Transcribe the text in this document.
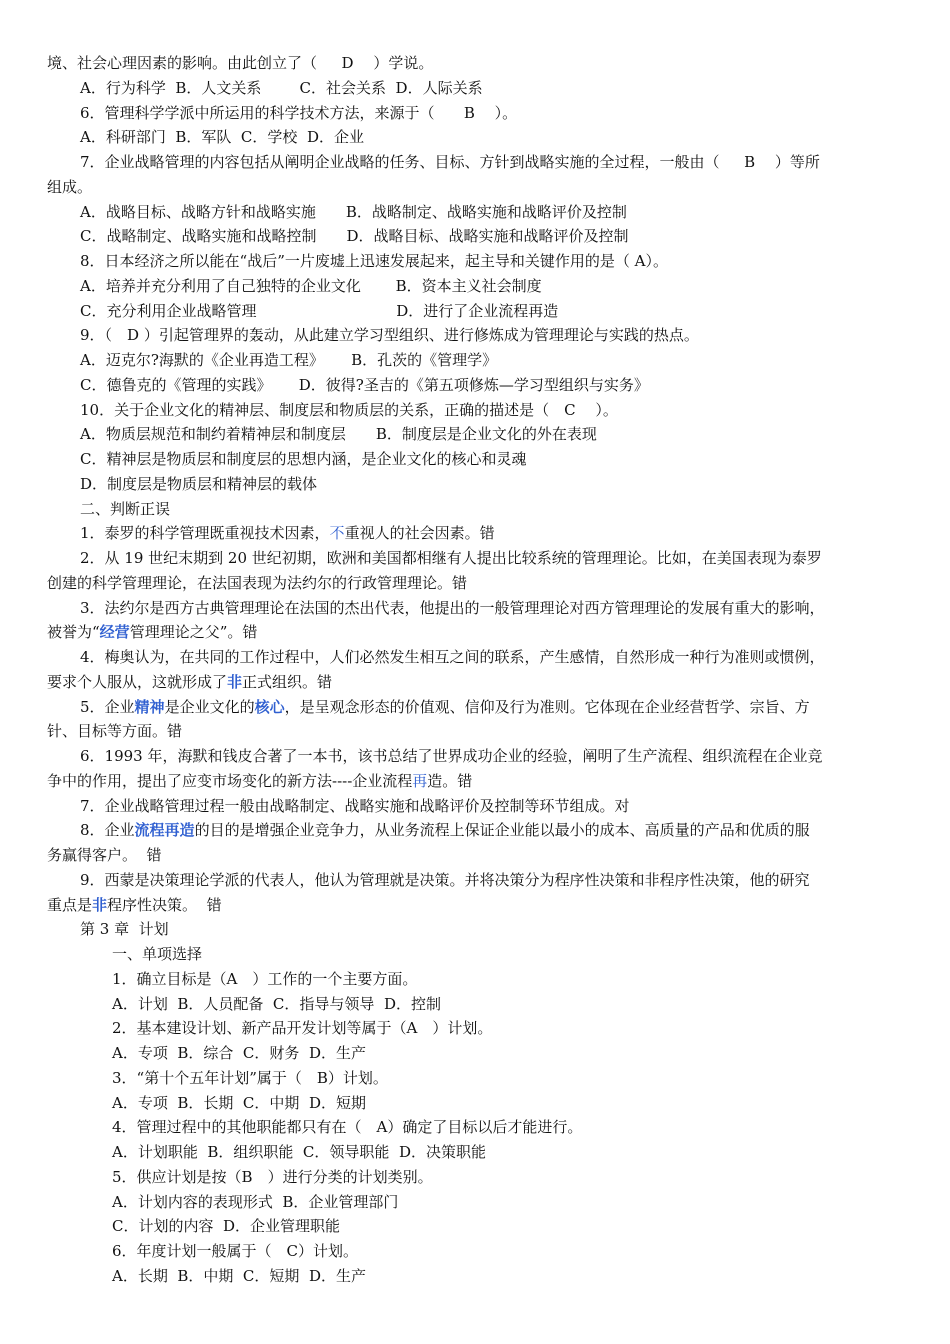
境、社会心理因素的影响。由此创立了（　  D　 ）学说。
A．行为科学  B．人文关系        C．社会关系  D．人际关系
6．管理科学学派中所运用的科学技术方法，来源于（　   B　 ）。
A．科研部门  B．军队  C．学校  D．企业
7．企业战略管理的内容包括从阐明企业战略的任务、目标、方针到战略实施的全过程，一般由（　  B　 ）等所
组成。
A．战略目标、战略方针和战略实施　　B．战略制定、战略实施和战略评价及控制
C．战略制定、战略实施和战略控制　　D．战略目标、战略实施和战略评价及控制
8．日本经济之所以能在“战后”一片废墟上迅速发展起来，起主导和关键作用的是（ A）。
A．培养并充分利用了自己独特的企业文化　　 B．资本主义社会制度
C．充分利用企业战略管理　　　　　　　　　 D．进行了企业流程再造
9．（　D ）引起管理界的轰动，从此建立学习型组织、进行修炼成为管理理论与实践的热点。
A．迈克尔?海默的《企业再造工程》　　 B．孔茨的《管理学》
C．德鲁克的《管理的实践》　　 D．彼得?圣吉的《第五项修炼—学习型组织与实务》
10．关于企业文化的精神层、制度层和物质层的关系，正确的描述是（　C　 ）。
A．物质层规范和制约着精神层和制度层　　B．制度层是企业文化的外在表现
C．精神层是物质层和制度层的思想内涵，是企业文化的核心和灵魂
D．制度层是物质层和精神层的载体
二、判断正误
1．泰罗的科学管理既重视技术因素，不重视人的社会因素。错
2．从 19 世纪末期到 20 世纪初期，欧洲和美国都相继有人提出比较系统的管理理论。比如，在美国表现为泰罗
创建的科学管理理论，在法国表现为法约尔的行政管理理论。错
3．法约尔是西方古典管理理论在法国的杰出代表，他提出的一般管理理论对西方管理理论的发展有重大的影响，
被誉为“经营管理理论之父”。错
4．梅奥认为，在共同的工作过程中，人们必然发生相互之间的联系，产生感情，自然形成一种行为准则或惯例，
要求个人服从，这就形成了非正式组织。错
5．企业精神是企业文化的核心，是呈观念形态的价值观、信仰及行为准则。它体现在企业经营哲学、宗旨、方
针、目标等方面。错
6．1993 年，海默和钱皮合著了一本书，该书总结了世界成功企业的经验，阐明了生产流程、组织流程在企业竞
争中的作用，提出了应变市场变化的新方法----企业流程再造。错
7．企业战略管理过程一般由战略制定、战略实施和战略评价及控制等环节组成。对
8．企业流程再造的目的是增强企业竞争力，从业务流程上保证企业能以最小的成本、高质量的产品和优质的服
务赢得客户。  错
9．西蒙是决策理论学派的代表人，他认为管理就是决策。并将决策分为程序性决策和非程序性决策，他的研究
重点是非程序性决策。  错
第 3 章  计划
一、单项选择
1．确立目标是（A　）工作的一个主要方面。
A．计划  B．人员配备  C．指导与领导  D．控制
2．基本建设计划、新产品开发计划等属于（A　）计划。
A．专项  B．综合  C．财务  D．生产
3．“第十个五年计划”属于（　B）计划。
A．专项  B．长期  C．中期  D．短期
4．管理过程中的其他职能都只有在（　A）确定了目标以后才能进行。
A．计划职能  B．组织职能  C．领导职能  D．决策职能
5．供应计划是按（B　）进行分类的计划类别。
A．计划内容的表现形式  B．企业管理部门
C．计划的内容  D．企业管理职能
6．年度计划一般属于（　C）计划。
A．长期  B．中期  C．短期  D．生产
